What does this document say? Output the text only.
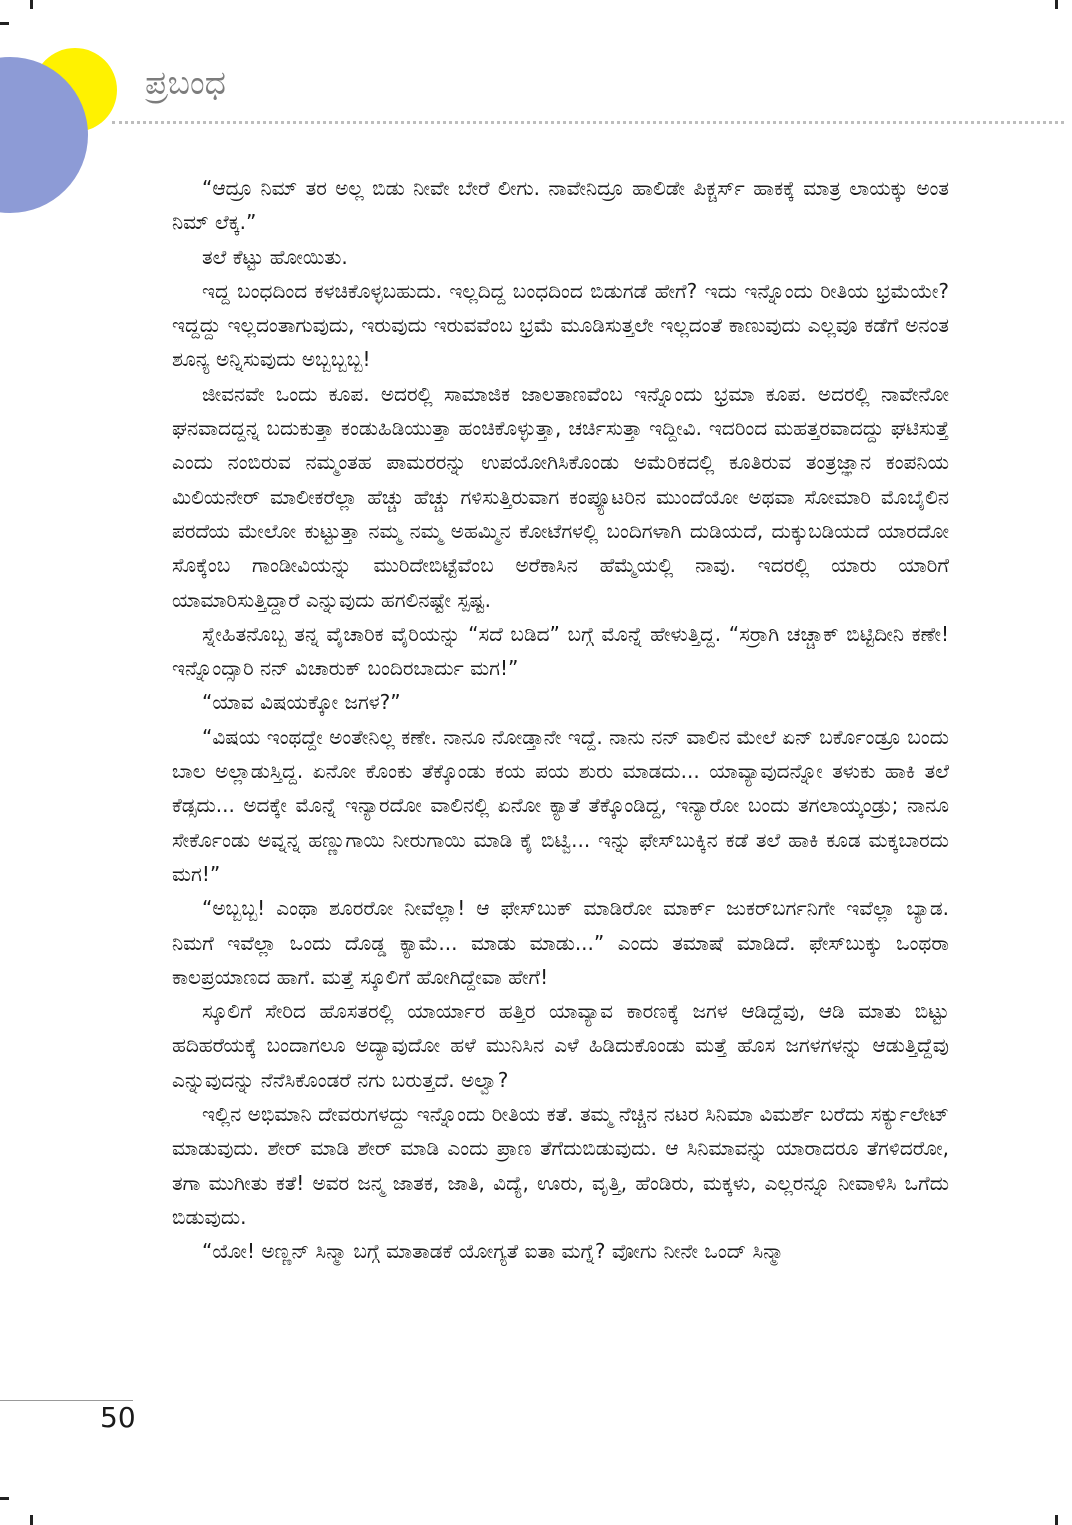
ಪ್ರಬಂಧ

“ಆದ್ರೂ ನಿಮ್ ತರ ಅಲ್ಲ ಬಿಡು ನೀವೇ ಬೇರೆ ಲೀಗು. ನಾವೇನಿದ್ರೂ ಹಾಲಿಡೇ ಪಿಕ್ಚರ್ಸ್ ಹಾಕಕ್ಕೆ ಮಾತ್ರ ಲಾಯಕ್ಕು ಅಂತ ನಿಮ್ ಲೆಕ್ಕ.”

ತಲೆ ಕೆಟ್ಟು ಹೋಯಿತು.

ಇದ್ದ ಬಂಧದಿಂದ ಕಳಚಿಕೊಳ್ಳಬಹುದು. ಇಲ್ಲದಿದ್ದ ಬಂಧದಿಂದ ಬಿಡುಗಡೆ ಹೇಗೆ? ಇದು ಇನ್ನೊಂದು ರೀತಿಯ ಭ್ರಮೆಯೇ? ಇದ್ದದ್ದು ಇಲ್ಲದಂತಾಗುವುದು, ಇರುವುದು ಇರುವವೆಂಬ ಭ್ರಮೆ ಮೂಡಿಸುತ್ತಲೇ ಇಲ್ಲದಂತೆ ಕಾಣುವುದು ಎಲ್ಲವೂ ಕಡೆಗೆ ಅನಂತ ಶೂನ್ಯ ಅನ್ನಿಸುವುದು ಅಬ್ಬಬ್ಬಬ್ಬ!

ಜೀವನವೇ ಒಂದು ಕೂಪ. ಅದರಲ್ಲಿ ಸಾಮಾಜಿಕ ಜಾಲತಾಣವೆಂಬ ಇನ್ನೊಂದು ಭ್ರಮಾ ಕೂಪ. ಅದರಲ್ಲಿ ನಾವೇನೋ ಘನವಾದದ್ದನ್ನ ಬದುಕುತ್ತಾ ಕಂಡುಹಿಡಿಯುತ್ತಾ ಹಂಚಿಕೊಳ್ಳುತ್ತಾ, ಚರ್ಚಿಸುತ್ತಾ ಇದ್ದೀವಿ. ಇದರಿಂದ ಮಹತ್ತರವಾದದ್ದು ಘಟಿಸುತ್ತೆ ಎಂದು ನಂಬಿರುವ ನಮ್ಮಂತಹ ಪಾಮರರನ್ನು ಉಪಯೋಗಿಸಿಕೊಂಡು ಅಮೆರಿಕದಲ್ಲಿ ಕೂತಿರುವ ತಂತ್ರಜ್ಞಾನ ಕಂಪನಿಯ ಮಿಲಿಯನೇರ್ ಮಾಲೀಕರೆಲ್ಲಾ ಹೆಚ್ಚು ಹೆಚ್ಚು ಗಳಿಸುತ್ತಿರುವಾಗ ಕಂಪ್ಯೂಟರಿನ ಮುಂದೆಯೋ ಅಥವಾ ಸೋಮಾರಿ ಮೊಬೈಲಿನ ಪರದೆಯ ಮೇಲೋ ಕುಟ್ಟುತ್ತಾ ನಮ್ಮ ನಮ್ಮ ಅಹಮ್ಮಿನ ಕೋಟೆಗಳಲ್ಲಿ ಬಂದಿಗಳಾಗಿ ದುಡಿಯದೆ, ದುಕ್ಕುಬಡಿಯದೆ ಯಾರದೋ ಸೊಕ್ಕೆಂಬ ಗಾಂಡೀವಿಯನ್ನು ಮುರಿದೇಬಿಟ್ಟೆವೆಂಬ ಅರೆಕಾಸಿನ ಹೆಮ್ಮೆಯಲ್ಲಿ ನಾವು. ಇದರಲ್ಲಿ ಯಾರು ಯಾರಿಗೆ ಯಾಮಾರಿಸುತ್ತಿದ್ದಾರೆ ಎನ್ನುವುದು ಹಗಲಿನಷ್ಟೇ ಸ್ಪಷ್ಟ.

ಸ್ನೇಹಿತನೊಬ್ಬ ತನ್ನ ವೈಚಾರಿಕ ವೈರಿಯನ್ನು “ಸದೆ ಬಡಿದ” ಬಗ್ಗೆ ಮೊನ್ನೆ ಹೇಳುತ್ತಿದ್ದ. “ಸರ್ರಾಗಿ ಚಚ್ಚಾಕ್ ಬಿಟ್ಟಿದೀನಿ ಕಣೇ! ಇನ್ನೊಂದ್ಸಾರಿ ನನ್ ವಿಚಾರುಕ್ ಬಂದಿರಬಾರ್ದು ಮಗ!”

“ಯಾವ ವಿಷಯಕ್ಕೋ ಜಗಳ?”

“ವಿಷಯ ಇಂಥದ್ದೇ ಅಂತೇನಿಲ್ಲ ಕಣೇ. ನಾನೂ ನೋಡ್ತಾನೇ ಇದ್ದೆ. ನಾನು ನನ್ ವಾಲಿನ ಮೇಲೆ ಏನ್ ಬರ್ಕೊಂಡ್ರೂ ಬಂದು ಬಾಲ ಅಲ್ಲಾಡುಸ್ತಿದ್ದ. ಏನೋ ಕೊಂಕು ತೆಕ್ಕೊಂಡು ಕಯ ಪಯ ಶುರು ಮಾಡದು... ಯಾವ್ಯಾವುದನ್ನೋ ತಳುಕು ಹಾಕಿ ತಲೆ ಕೆಡ್ಸದು... ಅದಕ್ಕೇ ಮೊನ್ನೆ ಇನ್ಯಾರದೋ ವಾಲಿನಲ್ಲಿ ಏನೋ ಕ್ಯಾತೆ ತೆಕ್ಕೊಂಡಿದ್ದ, ಇನ್ಯಾರೋ ಬಂದು ತಗಲಾಯ್ಕಂಡ್ರು; ನಾನೂ ಸೇರ್ಕೊಂಡು ಅವ್ನನ್ನ ಹಣ್ಣುಗಾಯಿ ನೀರುಗಾಯಿ ಮಾಡಿ ಕೈ ಬಿಟ್ವಿ... ಇನ್ನು ಫೇಸ್‌ಬುಕ್ಕಿನ ಕಡೆ ತಲೆ ಹಾಕಿ ಕೂಡ ಮಕ್ಕಬಾರದು ಮಗ!”

“ಅಬ್ಬಬ್ಬ! ಎಂಥಾ ಶೂರರೋ ನೀವೆಲ್ಲಾ! ಆ ಫೇಸ್‌ಬುಕ್ ಮಾಡಿರೋ ಮಾರ್ಕ್ ಜುಕರ್‌ಬರ್ಗನಿಗೇ ಇವೆಲ್ಲಾ ಬ್ಯಾಡ. ನಿಮಗೆ ಇವೆಲ್ಲಾ ಒಂದು ದೊಡ್ಡ ಕ್ಯಾಮೆ... ಮಾಡು ಮಾಡು...” ಎಂದು ತಮಾಷೆ ಮಾಡಿದೆ. ಫೇಸ್‌ಬುಕ್ಕು ಒಂಥರಾ ಕಾಲಪ್ರಯಾಣದ ಹಾಗೆ. ಮತ್ತೆ ಸ್ಕೂಲಿಗೆ ಹೋಗಿದ್ದೇವಾ ಹೇಗೆ!

ಸ್ಕೂಲಿಗೆ ಸೇರಿದ ಹೊಸತರಲ್ಲಿ ಯಾರ್ಯಾರ ಹತ್ತಿರ ಯಾವ್ಯಾವ ಕಾರಣಕ್ಕೆ ಜಗಳ ಆಡಿದ್ದೆವು, ಆಡಿ ಮಾತು ಬಿಟ್ಟು ಹದಿಹರೆಯಕ್ಕೆ ಬಂದಾಗಲೂ ಅದ್ಯಾವುದೋ ಹಳೆ ಮುನಿಸಿನ ಎಳೆ ಹಿಡಿದುಕೊಂಡು ಮತ್ತೆ ಹೊಸ ಜಗಳಗಳನ್ನು ಆಡುತ್ತಿದ್ದೆವು ಎನ್ನುವುದನ್ನು ನೆನೆಸಿಕೊಂಡರೆ ನಗು ಬರುತ್ತದೆ. ಅಲ್ವಾ?

ಇಲ್ಲಿನ ಅಭಿಮಾನಿ ದೇವರುಗಳದ್ದು ಇನ್ನೊಂದು ರೀತಿಯ ಕತೆ. ತಮ್ಮ ನೆಚ್ಚಿನ ನಟರ ಸಿನಿಮಾ ವಿಮರ್ಶೆ ಬರೆದು ಸರ್ಕ್ಯುಲೇಟ್ ಮಾಡುವುದು. ಶೇರ್ ಮಾಡಿ ಶೇರ್ ಮಾಡಿ ಎಂದು ಪ್ರಾಣ ತೆಗೆದುಬಿಡುವುದು. ಆ ಸಿನಿಮಾವನ್ನು ಯಾರಾದರೂ ತೆಗಳಿದರೋ, ತಗಾ ಮುಗೀತು ಕತೆ! ಅವರ ಜನ್ಮ ಜಾತಕ, ಜಾತಿ, ವಿದ್ಯೆ, ಊರು, ವೃತ್ತಿ, ಹೆಂಡಿರು, ಮಕ್ಕಳು, ಎಲ್ಲರನ್ನೂ ನೀವಾಳಿಸಿ ಒಗೆದು ಬಿಡುವುದು.

“ಯೋ! ಅಣ್ಣನ್ ಸಿನ್ಮಾ ಬಗ್ಗೆ ಮಾತಾಡಕೆ ಯೋಗ್ಯತೆ ಐತಾ ಮಗ್ನೆ? ವೋಗು ನೀನೇ ಒಂದ್ ಸಿನ್ಮಾ

50
